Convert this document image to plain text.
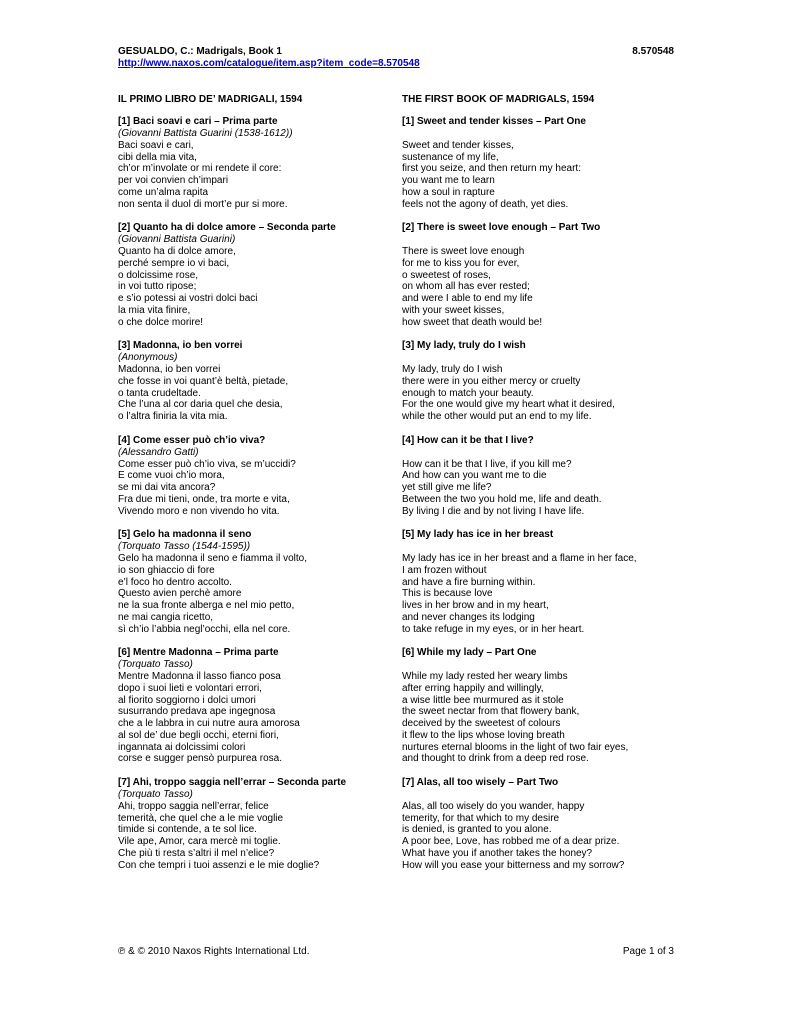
GESUALDO, C.: Madrigals, Book 1	8.570548
http://www.naxos.com/catalogue/item.asp?item_code=8.570548
IL PRIMO LIBRO DE’ MADRIGALI, 1594
[1] Baci soavi e cari – Prima parte
(Giovanni Battista Guarini (1538-1612))
Baci soavi e cari,
cibi della mia vita,
ch’or m’involate or mi rendete il core:
per voi convien ch’impari
come un’alma rapita
non senta il duol di mort’e pur si more.
[2] Quanto ha di dolce amore – Seconda parte
(Giovanni Battista Guarini)
Quanto ha di dolce amore,
perché sempre io vi baci,
o dolcissime rose,
in voi tutto ripose;
e s’io potessi ai vostri dolci baci
la mia vita finire,
o che dolce morire!
[3] Madonna, io ben vorrei
(Anonymous)
Madonna, io ben vorrei
che fosse in voi quant’è beltà, pietade,
o tanta crudeltade.
Che l’una al cor daria quel che desia,
o l’altra finiria la vita mia.
[4] Come esser può ch’io viva?
(Alessandro Gatti)
Come esser può ch’io viva, se m’uccidi?
E come vuoi ch’io mora,
se mi dai vita ancora?
Fra due mi tieni, onde, tra morte e vita,
Vivendo moro e non vivendo ho vita.
[5] Gelo ha madonna il seno
(Torquato Tasso (1544-1595))
Gelo ha madonna il seno e fiamma il volto,
io son ghiaccio di fore
e’l foco ho dentro accolto.
Questo avien perchè amore
ne la sua fronte alberga e nel mio petto,
ne mai cangia ricetto,
sì ch’io l’abbia negl’occhi, ella nel core.
[6] Mentre Madonna – Prima parte
(Torquato Tasso)
Mentre Madonna il lasso fianco posa
dopo i suoi lieti e volontari errori,
al fiorito soggiorno i dolci umori
susurrando predava ape ingegnosa
che a le labbra in cui nutre aura amorosa
al sol de’ due begli occhi, eterni fiori,
ingannata ai dolcissimi colori
corse e sugger pensò purpurea rosa.
[7] Ahi, troppo saggia nell’errar – Seconda parte
(Torquato Tasso)
Ahi, troppo saggia nell’errar, felice
temerità, che quel che a le mie voglie
timide si contende, a te sol lice.
Vile ape, Amor, cara mercè mi toglie.
Che più ti resta s’altri il mel n’elice?
Con che tempri i tuoi assenzi e le mie doglie?
THE FIRST BOOK OF MADRIGALS, 1594
[1] Sweet and tender kisses – Part One
Sweet and tender kisses,
sustenance of my life,
first you seize, and then return my heart:
you want me to learn
how a soul in rapture
feels not the agony of death, yet dies.
[2] There is sweet love enough – Part Two
There is sweet love enough
for me to kiss you for ever,
o sweetest of roses,
on whom all has ever rested;
and were I able to end my life
with your sweet kisses,
how sweet that death would be!
[3] My lady, truly do I wish
My lady, truly do I wish
there were in you either mercy or cruelty
enough to match your beauty.
For the one would give my heart what it desired,
while the other would put an end to my life.
[4] How can it be that I live?
How can it be that I live, if you kill me?
And how can you want me to die
yet still give me life?
Between the two you hold me, life and death.
By living I die and by not living I have life.
[5] My lady has ice in her breast
My lady has ice in her breast and a flame in her face,
I am frozen without
and have a fire burning within.
This is because love
lives in her brow and in my heart,
and never changes its lodging
to take refuge in my eyes, or in her heart.
[6] While my lady – Part One
While my lady rested her weary limbs
after erring happily and willingly,
a wise little bee murmured as it stole
the sweet nectar from that flowery bank,
deceived by the sweetest of colours
it flew to the lips whose loving breath
nurtures eternal blooms in the light of two fair eyes,
and thought to drink from a deep red rose.
[7] Alas, all too wisely – Part Two
Alas, all too wisely do you wander, happy
temerity, for that which to my desire
is denied, is granted to you alone.
A poor bee, Love, has robbed me of a dear prize.
What have you if another takes the honey?
How will you ease your bitterness and my sorrow?
℗ & © 2010 Naxos Rights International Ltd.	Page 1 of 3
